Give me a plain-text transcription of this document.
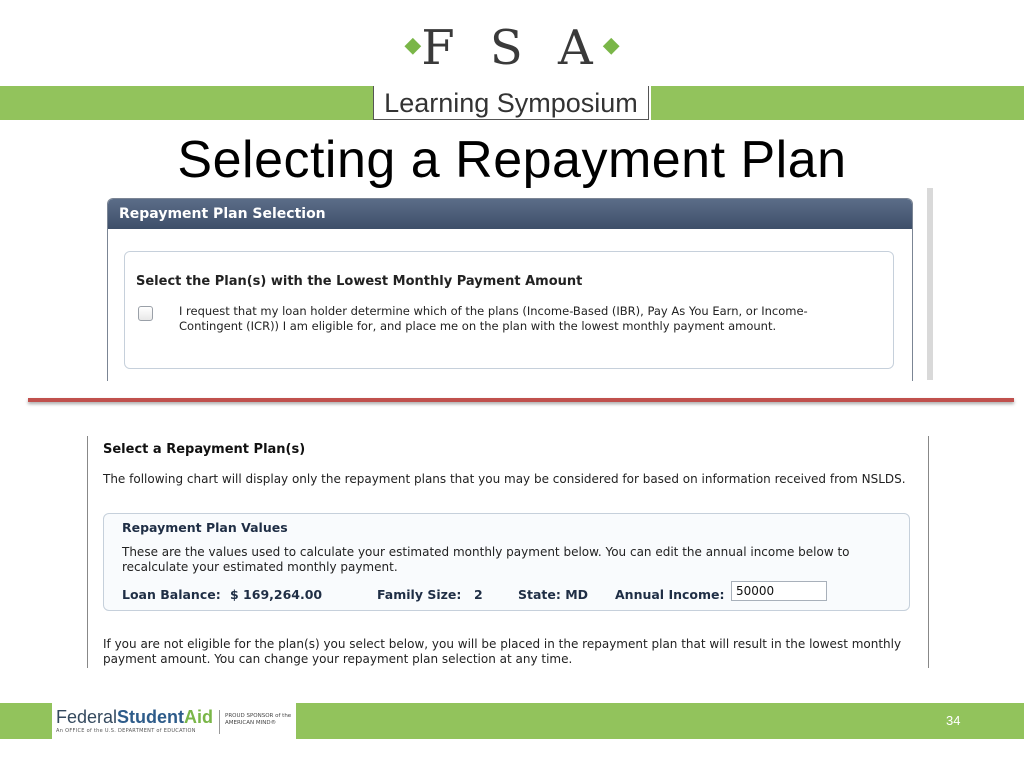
◆F S A◆
Learning Symposium
Selecting a Repayment Plan
Repayment Plan Selection
Select the Plan(s) with the Lowest Monthly Payment Amount
I request that my loan holder determine which of the plans (Income-Based (IBR), Pay As You Earn, or Income-Contingent (ICR)) I am eligible for, and place me on the plan with the lowest monthly payment amount.
Select a Repayment Plan(s)
The following chart will display only the repayment plans that you may be considered for based on information received from NSLDS.
Repayment Plan Values
These are the values used to calculate your estimated monthly payment below. You can edit the annual income below to recalculate your estimated monthly payment.
Loan Balance: $ 169,264.00	Family Size: 2	State: MD Annual Income:
50000
If you are not eligible for the plan(s) you select below, you will be placed in the repayment plan that will result in the lowest monthly payment amount. You can change your repayment plan selection at any time.
FederalStudentAid
An OFFICE of the U.S. DEPARTMENT of EDUCATION
PROUD SPONSOR of the AMERICAN MIND®	34
